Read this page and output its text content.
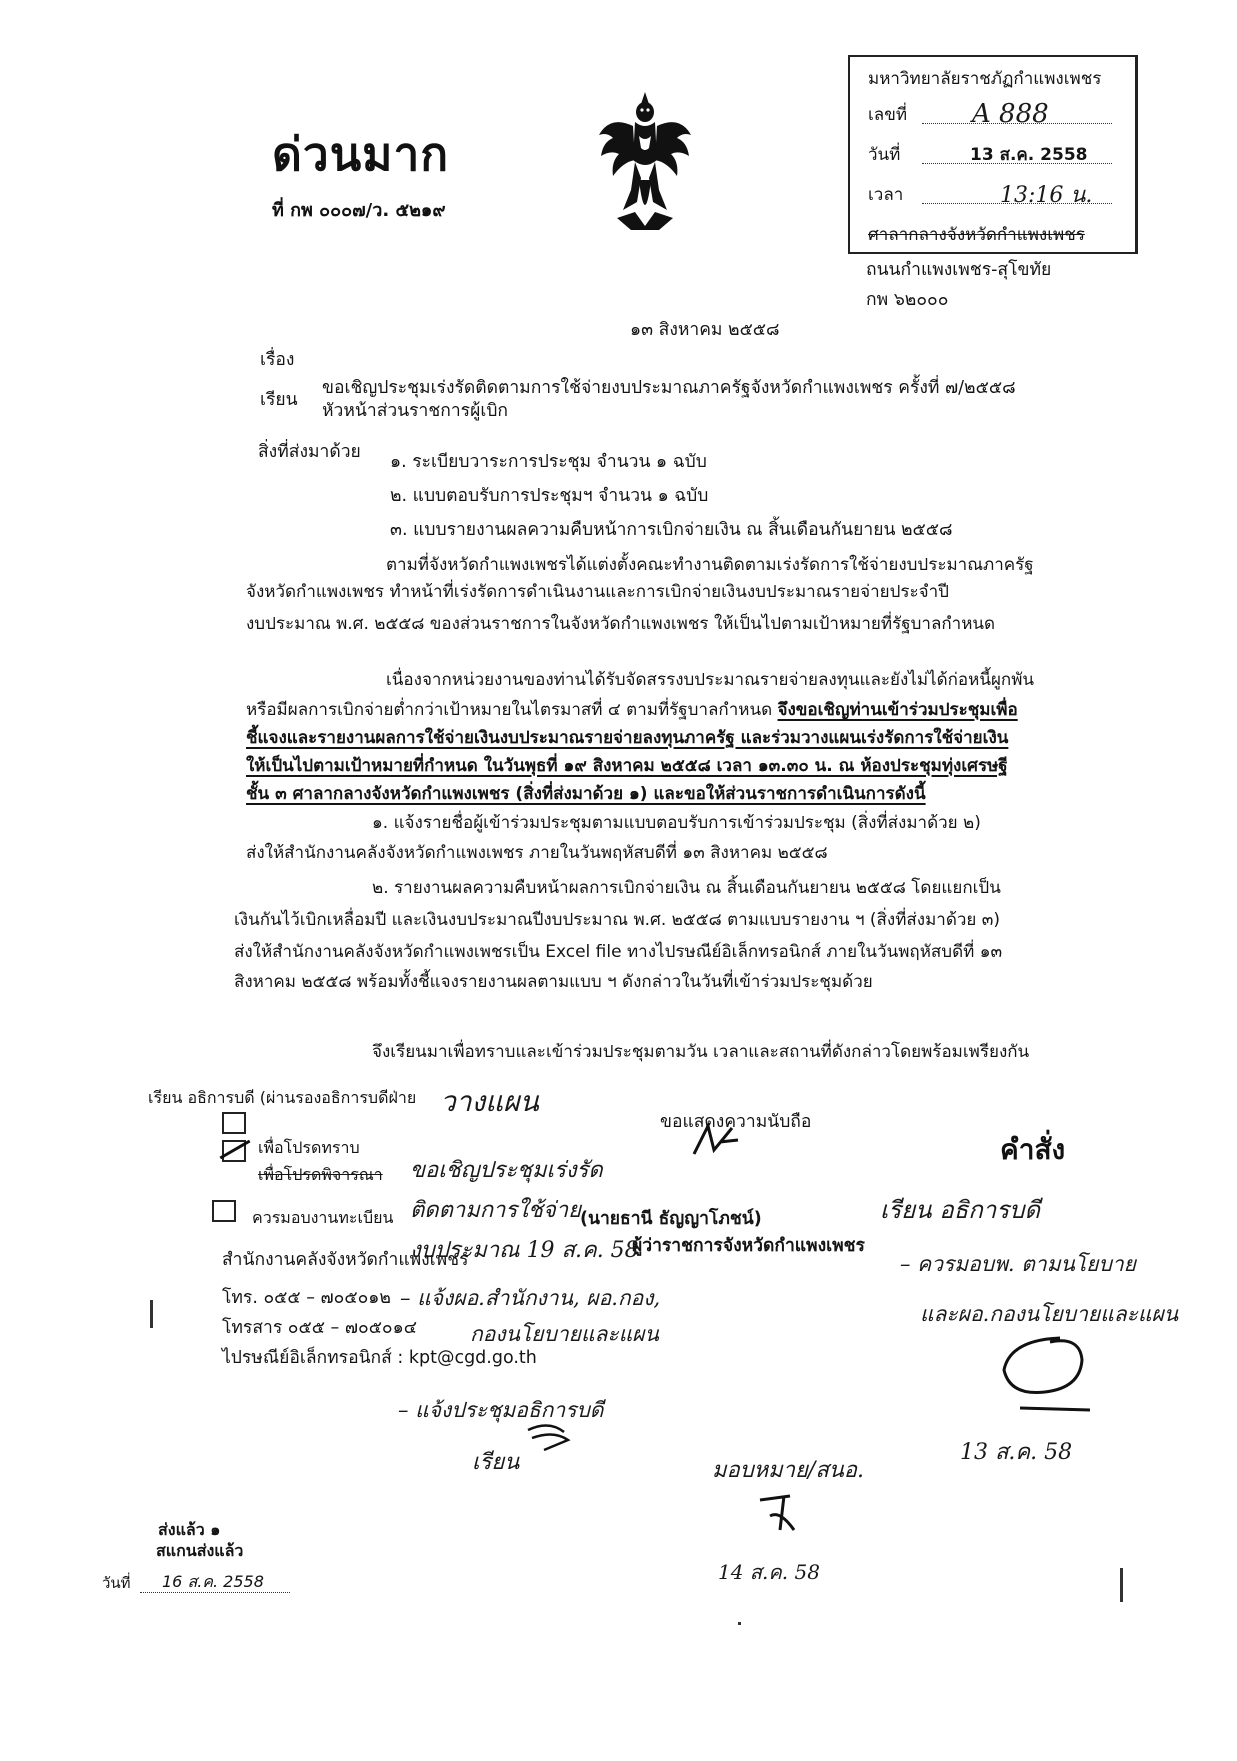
ด่วนมาก
ที่ กพ ๐๐๐๗/ว. ๕๒๑๙
มหาวิทยาลัยราชภัฏกำแพงเพชร
เลขที่ A 888
วันที่	13 ส.ค. 2558
เวลา	13:16 น.
ศาลากลางจังหวัดกำแพงเพชร
ถนนกำแพงเพชร-สุโขทัย
กพ ๖๒๐๐๐
๑๓ สิงหาคม ๒๕๕๘
เรื่อง
ขอเชิญประชุมเร่งรัดติดตามการใช้จ่ายงบประมาณภาครัฐจังหวัดกำแพงเพชร ครั้งที่ ๗/๒๕๕๘
เรียน
หัวหน้าส่วนราชการผู้เบิก
สิ่งที่ส่งมาด้วย ๑. ระเบียบวาระการประชุม จำนวน ๑ ฉบับ
๒. แบบตอบรับการประชุมฯ จำนวน ๑ ฉบับ
๓. แบบรายงานผลความคืบหน้าการเบิกจ่ายเงิน ณ สิ้นเดือนกันยายน ๒๕๕๘
ตามที่จังหวัดกำแพงเพชรได้แต่งตั้งคณะทำงานติดตามเร่งรัดการใช้จ่ายงบประมาณภาครัฐ
จังหวัดกำแพงเพชร ทำหน้าที่เร่งรัดการดำเนินงานและการเบิกจ่ายเงินงบประมาณรายจ่ายประจำปี
งบประมาณ พ.ศ. ๒๕๕๘ ของส่วนราชการในจังหวัดกำแพงเพชร ให้เป็นไปตามเป้าหมายที่รัฐบาลกำหนด
เนื่องจากหน่วยงานของท่านได้รับจัดสรรงบประมาณรายจ่ายลงทุนและยังไม่ได้ก่อหนี้ผูกพัน
หรือมีผลการเบิกจ่ายต่ำกว่าเป้าหมายในไตรมาสที่ ๔ ตามที่รัฐบาลกำหนด จึงขอเชิญท่านเข้าร่วมประชุมเพื่อ
ชี้แจงและรายงานผลการใช้จ่ายเงินงบประมาณรายจ่ายลงทุนภาครัฐ และร่วมวางแผนเร่งรัดการใช้จ่ายเงิน
ให้เป็นไปตามเป้าหมายที่กำหนด ในวันพุธที่ ๑๙ สิงหาคม ๒๕๕๘ เวลา ๑๓.๓๐ น. ณ ห้องประชุมทุ่งเศรษฐี
ชั้น ๓ ศาลากลางจังหวัดกำแพงเพชร (สิ่งที่ส่งมาด้วย ๑) และขอให้ส่วนราชการดำเนินการดังนี้
๑. แจ้งรายชื่อผู้เข้าร่วมประชุมตามแบบตอบรับการเข้าร่วมประชุม (สิ่งที่ส่งมาด้วย ๒)
ส่งให้สำนักงานคลังจังหวัดกำแพงเพชร ภายในวันพฤหัสบดีที่ ๑๓ สิงหาคม ๒๕๕๘
๒. รายงานผลความคืบหน้าผลการเบิกจ่ายเงิน ณ สิ้นเดือนกันยายน ๒๕๕๘ โดยแยกเป็น
เงินกันไว้เบิกเหลื่อมปี และเงินงบประมาณปีงบประมาณ พ.ศ. ๒๕๕๘ ตามแบบรายงาน ฯ (สิ่งที่ส่งมาด้วย ๓)
ส่งให้สำนักงานคลังจังหวัดกำแพงเพชรเป็น Excel file ทางไปรษณีย์อิเล็กทรอนิกส์ ภายในวันพฤหัสบดีที่ ๑๓
สิงหาคม ๒๕๕๘ พร้อมทั้งชี้แจงรายงานผลตามแบบ ฯ ดังกล่าวในวันที่เข้าร่วมประชุมด้วย
จึงเรียนมาเพื่อทราบและเข้าร่วมประชุมตามวัน เวลาและสถานที่ดังกล่าวโดยพร้อมเพรียงกัน
เรียน อธิการบดี (ผ่านรองอธิการบดีฝ่าย วางแผน
ขอแสดงความนับถือ
เพื่อโปรดทราบ
เพื่อโปรดพิจารณา
ควรมอบงานทะเบียน
ขอเชิญประชุมเร่งรัด
ติดตามการใช้จ่าย
งบประมาณ 19 ส.ค. 58
(นายธานี ธัญญาโภชน์)
ผู้ว่าราชการจังหวัดกำแพงเพชร
สำนักงานคลังจังหวัดกำแพงเพชร
โทร. ๐๕๕ – ๗๐๕๐๑๒
โทรสาร ๐๕๕ – ๗๐๕๐๑๔
ไปรษณีย์อิเล็กทรอนิกส์ : kpt@cgd.go.th
– แจ้งผอ.สำนักงาน, ผอ.กอง,
กองนโยบายและแผน
– แจ้งประชุมอธิการบดี
เรียน	มอบหมาย/สนอ.
14 ส.ค. 58
คำสั่ง
เรียน อธิการบดี
– ควรมอบพ. ตามนโยบาย
และผอ.กองนโยบายและแผน
13 ส.ค. 58
ส่งแล้ว ๑
สแกนส่งแล้ว
วันที่ 16 ส.ค. 2558
